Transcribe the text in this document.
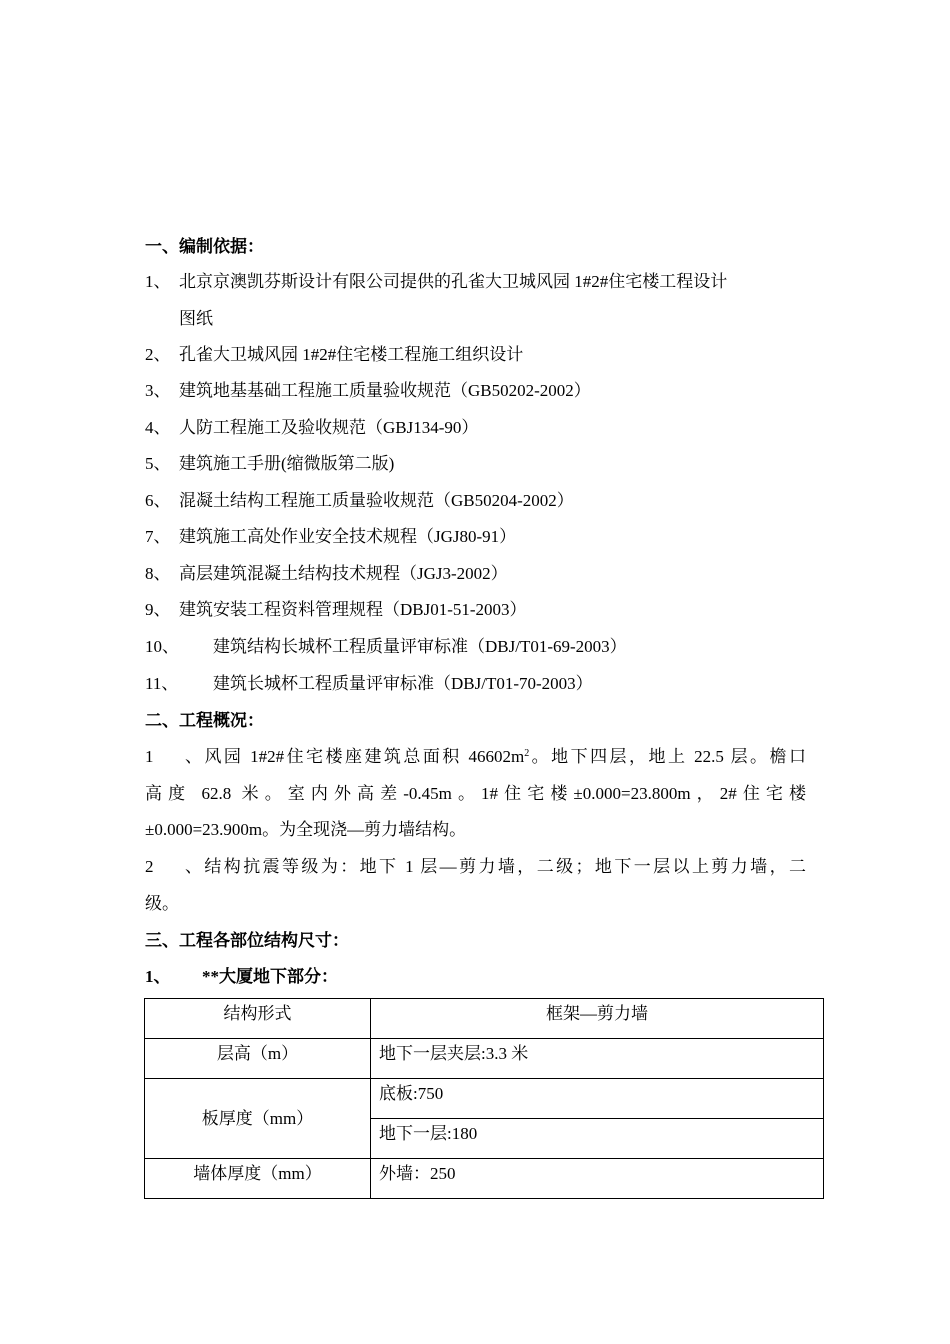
一、编制依据：
1、 北京京澳凯芬斯设计有限公司提供的孔雀大卫城风园 1#2#住宅楼工程设计
图纸
2、 孔雀大卫城风园 1#2#住宅楼工程施工组织设计
3、 建筑地基基础工程施工质量验收规范（GB50202-2002）
4、 人防工程施工及验收规范（GBJ134-90）
5、 建筑施工手册(缩微版第二版)
6、 混凝土结构工程施工质量验收规范（GB50204-2002）
7、 建筑施工高处作业安全技术规程（JGJ80-91）
8、 高层建筑混凝土结构技术规程（JGJ3-2002）
9、 建筑安装工程资料管理规程（DBJ01-51-2003）
10、 建筑结构长城杯工程质量评审标准（DBJ/T01-69-2003）
11、 建筑长城杯工程质量评审标准（DBJ/T01-70-2003）
二、工程概况：
1、风园 1#2#住宅楼座建筑总面积 $46602m^2$。地下四层，地上 22.5 层。檐口
高度 62.8 米。室内外高差-0.45m。1#住宅楼±0.000=23.800m，2#住宅楼
±0.000=23.900m。为全现浇—剪力墙结构。
2、结构抗震等级为：地下 1 层—剪力墙，二级；地下一层以上剪力墙，二
级。
三、工程各部位结构尺寸：
1、 **大厦地下部分：
结构形式	框架—剪力墙
层高（m）	地下一层夹层:3.3 米
板厚度（mm）	底板:750
	地下一层:180
墙体厚度（mm）	外墙：250
